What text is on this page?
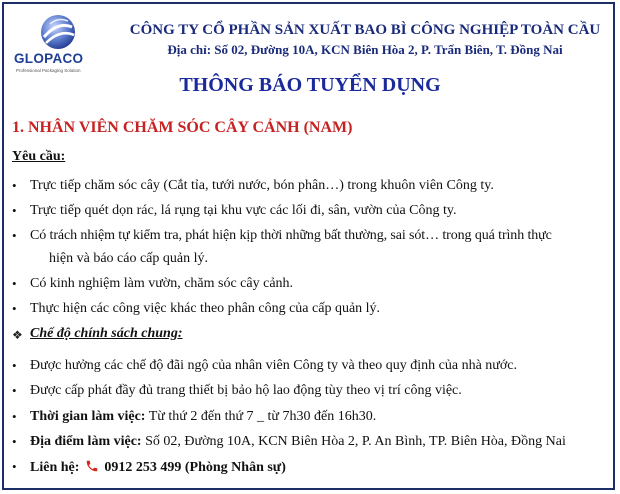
GLOPACO
Professional Packaging Solution
CÔNG TY CỔ PHẦN SẢN XUẤT BAO BÌ CÔNG NGHIỆP TOÀN CẦU
Địa chỉ: Số 02, Đường 10A, KCN Biên Hòa 2, P. Trấn Biên, T. Đồng Nai
THÔNG BÁO TUYỂN DỤNG
1. NHÂN VIÊN CHĂM SÓC CÂY CẢNH (NAM)
Yêu cầu:
• Trực tiếp chăm sóc cây (Cắt tỉa, tưới nước, bón phân…) trong khuôn viên Công ty.
• Trực tiếp quét dọn rác, lá rụng tại khu vực các lối đi, sân, vườn của Công ty.
• Có trách nhiệm tự kiểm tra, phát hiện kịp thời những bất thường, sai sót… trong quá trình thực
hiện và báo cáo cấp quản lý.
• Có kinh nghiệm làm vườn, chăm sóc cây cảnh.
• Thực hiện các công việc khác theo phân công của cấp quản lý.
❖ Chế độ chính sách chung:
• Được hưởng các chế độ đãi ngộ của nhân viên Công ty và theo quy định của nhà nước.
• Được cấp phát đầy đủ trang thiết bị bảo hộ lao động tùy theo vị trí công việc.
• Thời gian làm việc: Từ thứ 2 đến thứ 7 _ từ 7h30 đến 16h30.
• Địa điểm làm việc: Số 02, Đường 10A, KCN Biên Hòa 2, P. An Bình, TP. Biên Hòa, Đồng Nai
• Liên hệ: 0912 253 499 (Phòng Nhân sự)
